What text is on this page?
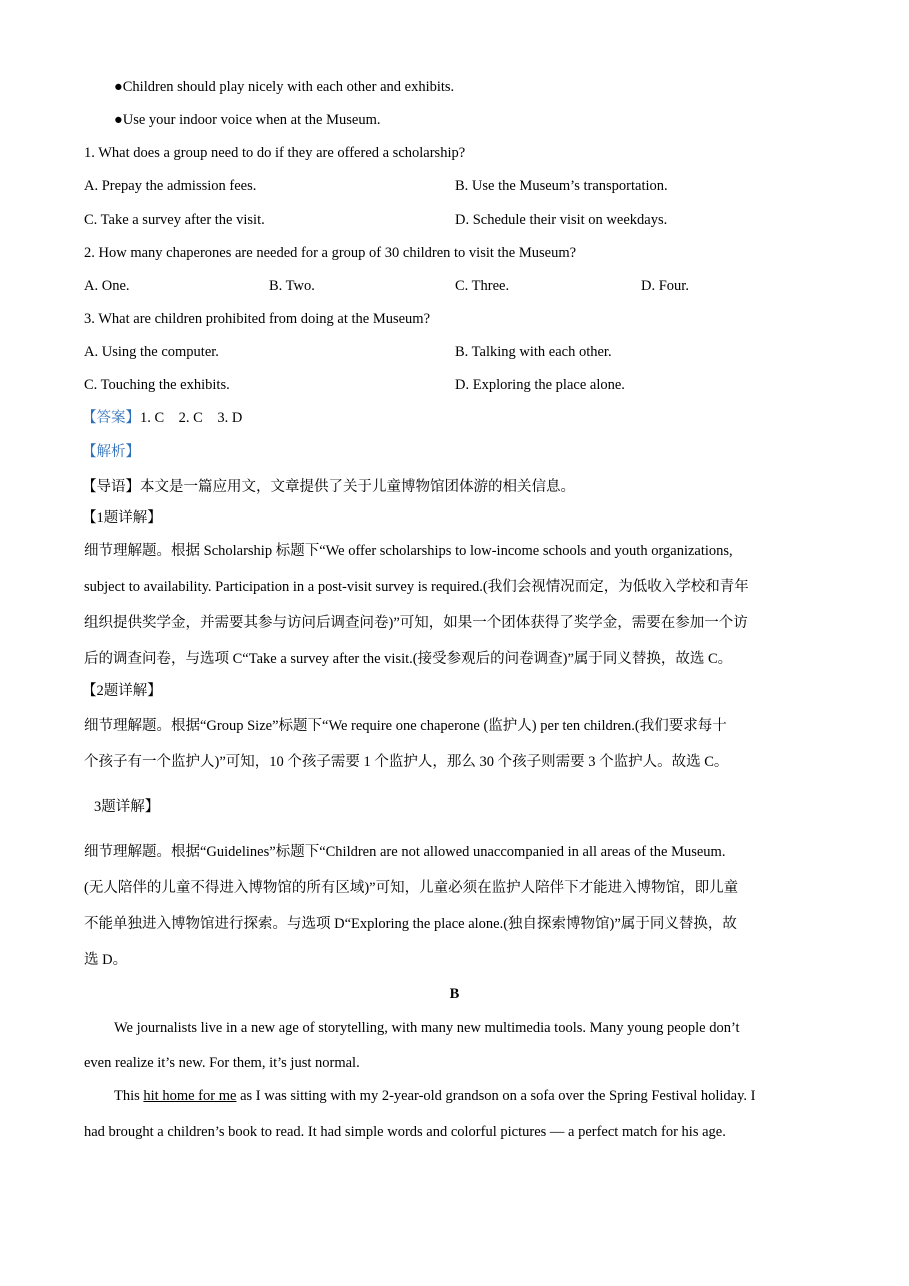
●Children should play nicely with each other and exhibits.
●Use your indoor voice when at the Museum.
1. What does a group need to do if they are offered a scholarship?
A. Prepay the admission fees.	B. Use the Museum’s transportation.
C. Take a survey after the visit.	D. Schedule their visit on weekdays.
2. How many chaperones are needed for a group of 30 children to visit the Museum?
A. One.	B. Two.	C. Three.	D. Four.
3. What are children prohibited from doing at the Museum?
A. Using the computer.	B. Talking with each other.
C. Touching the exhibits.	D. Exploring the place alone.
【答案】1. C    2. C    3. D
【解析】
【导语】本文是一篇应用文，文章提供了关于儿童博物馆团体游的相关信息。
【1题详解】
细节理解题。根据 Scholarship 标题下“We offer scholarships to low-income schools and youth organizations,
subject to availability. Participation in a post-visit survey is required.(我们会视情况而定，为低收入学校和青年
组织提供奖学金，并需要其参与访问后调查问卷)”可知，如果一个团体获得了奖学金，需要在参加一个访
后的调查问卷，与选项 C“Take a survey after the visit.(接受参观后的问卷调查)”属于同义替换，故选 C。
【2题详解】
细节理解题。根据“Group Size”标题下“We require one chaperone (监护人) per ten children.(我们要求每十
个孩子有一个监护人)”可知，10 个孩子需要 1 个监护人，那么 30 个孩子则需要 3 个监护人。故选 C。
3题详解】
细节理解题。根据“Guidelines”标题下“Children are not allowed unaccompanied in all areas of the Museum.
(无人陪伴的儿童不得进入博物馆的所有区域)”可知，儿童必须在监护人陪伴下才能进入博物馆，即儿童
不能单独进入博物馆进行探索。与选项 D“Exploring the place alone.(独自探索博物馆)”属于同义替换，故
选 D。
B
We journalists live in a new age of storytelling, with many new multimedia tools. Many young people don’t
even realize it’s new. For them, it’s just normal.
This hit home for me as I was sitting with my 2-year-old grandson on a sofa over the Spring Festival holiday. I
had brought a children’s book to read. It had simple words and colorful pictures — a perfect match for his age.
